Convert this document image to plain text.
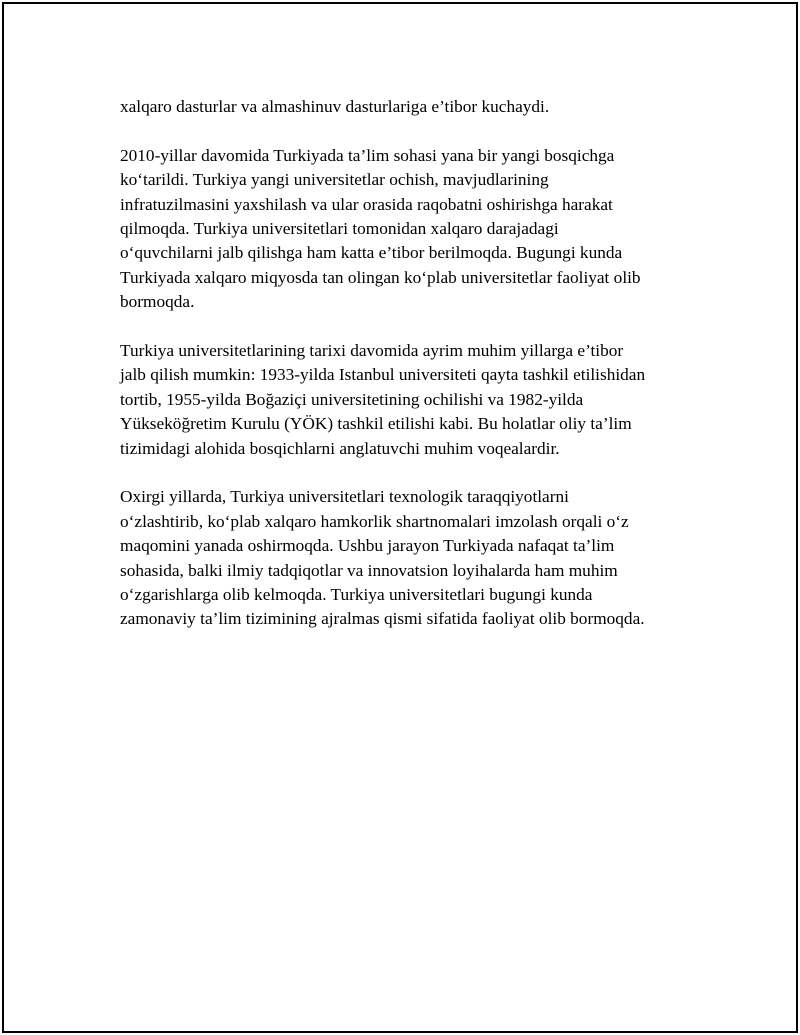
xalqaro dasturlar va almashinuv dasturlariga e’tibor kuchaydi.

2010-yillar davomida Turkiyada ta’lim sohasi yana bir yangi bosqichga
ko‘tarildi. Turkiya yangi universitetlar ochish, mavjudlarining
infratuzilmasini yaxshilash va ular orasida raqobatni oshirishga harakat
qilmoqda. Turkiya universitetlari tomonidan xalqaro darajadagi
o‘quvchilarni jalb qilishga ham katta e’tibor berilmoqda. Bugungi kunda
Turkiyada xalqaro miqyosda tan olingan ko‘plab universitetlar faoliyat olib
bormoqda.

Turkiya universitetlarining tarixi davomida ayrim muhim yillarga e’tibor
jalb qilish mumkin: 1933-yilda Istanbul universiteti qayta tashkil etilishidan
tortib, 1955-yilda Boğaziçi universitetining ochilishi va 1982-yilda
Yükseköğretim Kurulu (YÖK) tashkil etilishi kabi. Bu holatlar oliy ta’lim
tizimidagi alohida bosqichlarni anglatuvchi muhim voqealardir.

Oxirgi yillarda, Turkiya universitetlari texnologik taraqqiyotlarni
o‘zlashtirib, ko‘plab xalqaro hamkorlik shartnomalari imzolash orqali o‘z
maqomini yanada oshirmoqda. Ushbu jarayon Turkiyada nafaqat ta’lim
sohasida, balki ilmiy tadqiqotlar va innovatsion loyihalarda ham muhim
o‘zgarishlarga olib kelmoqda. Turkiya universitetlari bugungi kunda
zamonaviy ta’lim tizimining ajralmas qismi sifatida faoliyat olib bormoqda.
